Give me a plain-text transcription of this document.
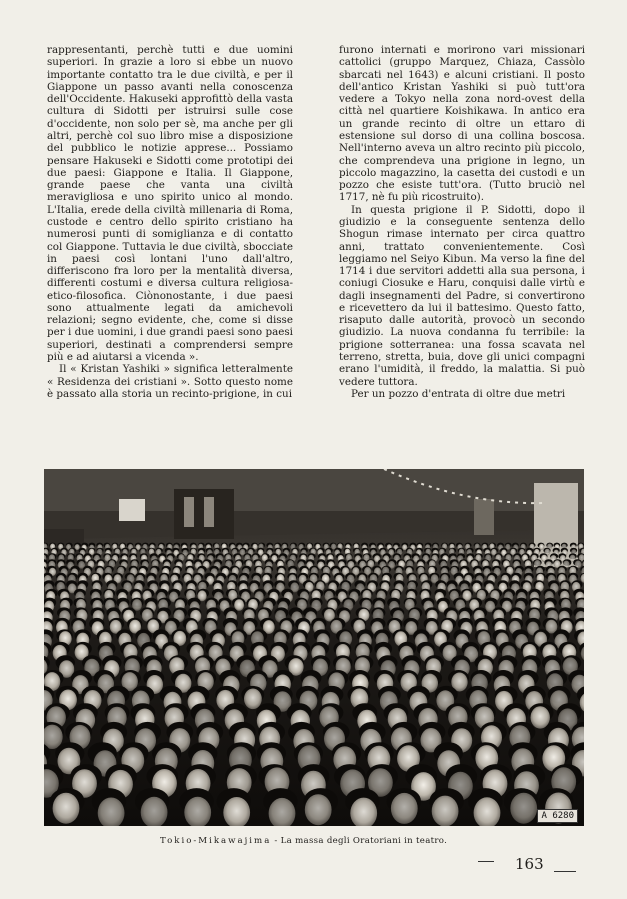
rappresentanti, perchè tutti e due uomini superiori. In grazie a loro si ebbe un nuovo importante contatto tra le due civiltà, e per il Giappone un passo avanti nella conoscenza dell'Occidente. Hakuseki approfittò della vasta cultura di Sidotti per istruirsi sulle cose d'occidente, non solo per sè, ma anche per gli altri, perchè col suo libro mise a disposizione del pubblico le notizie apprese... Possiamo pensare Hakuseki e Sidotti come prototipi dei due paesi: Giappone e Italia. Il Giappone, grande paese che vanta una civiltà meravigliosa e uno spirito unico al mondo. L'Italia, erede della civiltà millenaria di Roma, custode e centro dello spirito cristiano ha numerosi punti di somiglianza e di contatto col Giappone. Tuttavia le due civiltà, sbocciate in paesi così lontani l'uno dall'altro, differiscono fra loro per la mentalità diversa, differenti costumi e diversa cultura religiosa-etico-filosofica. Ciònonostante, i due paesi sono attualmente legati da amichevoli relazioni; segno evidente, che, come si disse per i due uomini, i due grandi paesi sono paesi superiori, destinati a comprendersi sempre più e ad aiutarsi a vicenda ».

Il « Kristan Yashiki » significa letteralmente « Residenza dei cristiani ». Sotto questo nome è passato alla storia un recinto-prigione, in cui

furono internati e morirono vari missionari cattolici (gruppo Marquez, Chiaza, Cassòlo sbarcati nel 1643) e alcuni cristiani. Il posto dell'antico Kristan Yashiki si può tutt'ora vedere a Tokyo nella zona nord-ovest della città nel quartiere Koishikawa. In antico era un grande recinto di oltre un ettaro di estensione sul dorso di una collina boscosa. Nell'interno aveva un altro recinto più piccolo, che comprendeva una prigione in legno, un piccolo magazzino, la casetta dei custodi e un pozzo che esiste tutt'ora. (Tutto bruciò nel 1717, nè fu più ricostruito).

In questa prigione il P. Sidotti, dopo il giudizio e la conseguente sentenza dello Shogun rimase internato per circa quattro anni, trattato convenientemente. Così leggiamo nel Seiyo Kibun. Ma verso la fine del 1714 i due servitori addetti alla sua persona, i coniugi Ciosuke e Haru, conquisi dalle virtù e dagli insegnamenti del Padre, si convertirono e ricevettero da lui il battesimo. Questo fatto, risaputo dalle autorità, provocò un secondo giudizio. La nuova condanna fu terribile: la prigione sotterranea: una fossa scavata nel terreno, stretta, buia, dove gli unici compagni erano l'umidità, il freddo, la malattia. Si può vedere tuttora.

Per un pozzo d'entrata di oltre due metri

A 6280
Tokio-Mikawajima - La massa degli Oratoriani in teatro.
163
